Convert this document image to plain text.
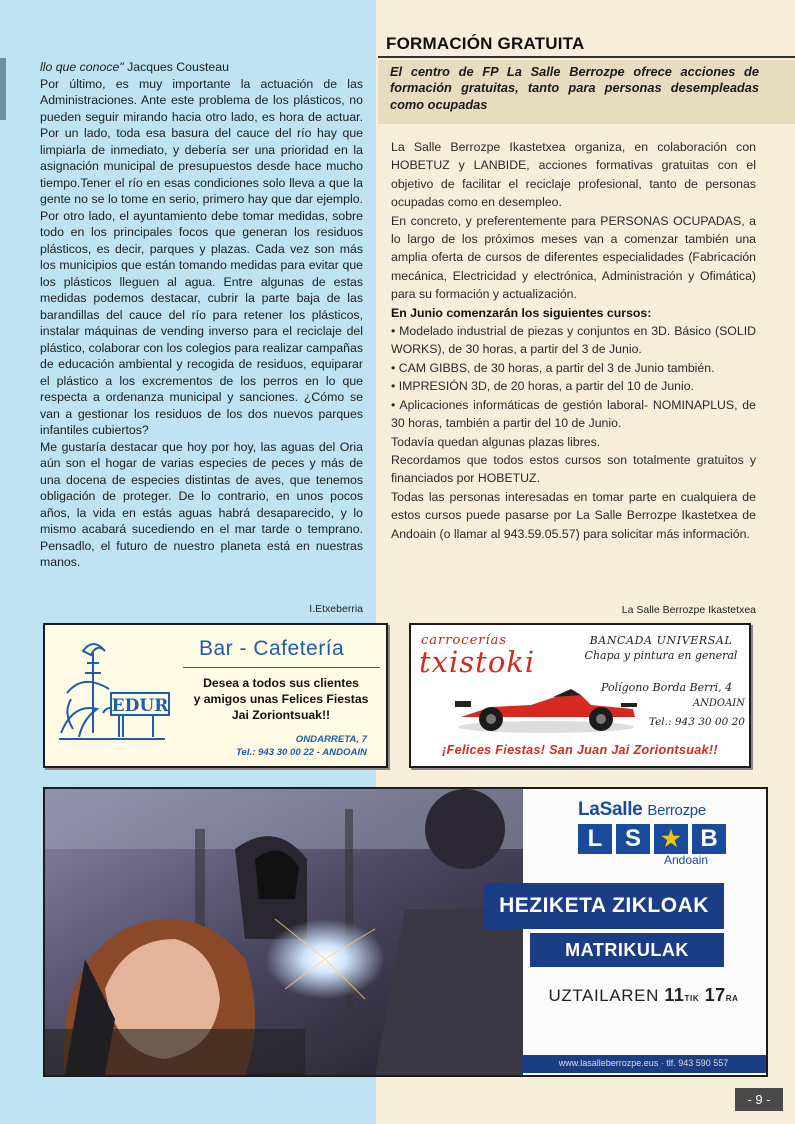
llo que conoce" Jacques Cousteau

Por último, es muy importante la actuación de las Administraciones. Ante este problema de los plásticos, no pueden seguir mirando hacia otro lado, es hora de actuar. Por un lado, toda esa basura del cauce del río hay que limpiarla de inmediato, y debería ser una prioridad en la asignación municipal de presupuestos desde hace mucho tiempo.Tener el río en esas condiciones solo lleva a que la gente no se lo tome en serio, primero hay que dar ejemplo. Por otro lado, el ayuntamiento debe tomar medidas, sobre todo en los principales focos que generan los residuos plásticos, es decir, parques y plazas. Cada vez son más los municipios que están tomando medidas para evitar que los plásticos lleguen al agua. Entre algunas de estas medidas podemos destacar, cubrir la parte baja de las barandillas del cauce del río para retener los plásticos, instalar máquinas de vending inverso para el reciclaje del plástico, colaborar con los colegios para realizar campañas de educación ambiental y recogida de residuos, equiparar el plástico a los excrementos de los perros en lo que respecta a ordenanza municipal y sanciones. ¿Cómo se van a gestionar los residuos de los dos nuevos parques infantiles cubiertos?

Me gustaría destacar que hoy por hoy, las aguas del Oria aún son el hogar de varias especies de peces y más de una docena de especies distintas de aves, que tenemos obligación de proteger. De lo contrario, en unos pocos años, la vida en estás aguas habrá desaparecido, y lo mismo acabará sucediendo en el mar tarde o temprano. Pensadlo, el futuro de nuestro planeta está en nuestras manos.

I.Etxeberria
FORMACIÓN GRATUITA
El centro de FP La Salle Berrozpe ofrece acciones de formación gratuitas, tanto para personas desempleadas como ocupadas

La Salle Berrozpe Ikastetxea organiza, en colaboración con HOBETUZ y LANBIDE, acciones formativas gratuitas con el objetivo de facilitar el reciclaje profesional, tanto de personas ocupadas como en desempleo.

En concreto, y preferentemente para PERSONAS OCUPADAS, a lo largo de los próximos meses van a comenzar también una amplia oferta de cursos de diferentes especialidades (Fabricación mecánica, Electricidad y electrónica, Administración y Ofimática) para su formación y actualización.

En Junio comenzarán los siguientes cursos:

• Modelado industrial de piezas y conjuntos en 3D. Básico (SOLID WORKS), de 30 horas, a partir del 3 de Junio.

• CAM GIBBS, de 30 horas, a partir del 3 de Junio también.

• IMPRESIÓN 3D, de 20 horas, a partir del 10 de Junio.

• Aplicaciones informáticas de gestión laboral- NOMINAPLUS, de 30 horas, también a partir del 10 de Junio.

Todavía quedan algunas plazas libres.

Recordamos que todos estos cursos son totalmente gratuitos y financiados por HOBETUZ.

Todas las personas interesadas en tomar parte en cualquiera de estos cursos puede pasarse por La Salle Berrozpe Ikastetxea de Andoain (o llamar al 943.59.05.57) para solicitar más información.

La Salle Berrozpe Ikastetxea
EDUR
Bar - Cafetería
Desea a todos sus clientes
y amigos unas Felices Fiestas
Jai Zoriontsuak!!
ONDARRETA, 7
Tel.: 943 30 00 22 - ANDOAIN
carrocerías
txistoki
BANCADA UNIVERSAL
Chapa y pintura en general
Polígono Borda Berri, 4
ANDOAIN
Tel.: 943 30 00 20
¡Felices Fiestas! San Juan Jai Zoriontsuak!!
LaSalle Berrozpe
L S ★ B
Andoain
HEZIKETA ZIKLOAK
MATRIKULAK
UZTAILAREN 11TIK 17RA
www.lasalleberrozpe.eus · tlf. 943 590 557
- 9 -
